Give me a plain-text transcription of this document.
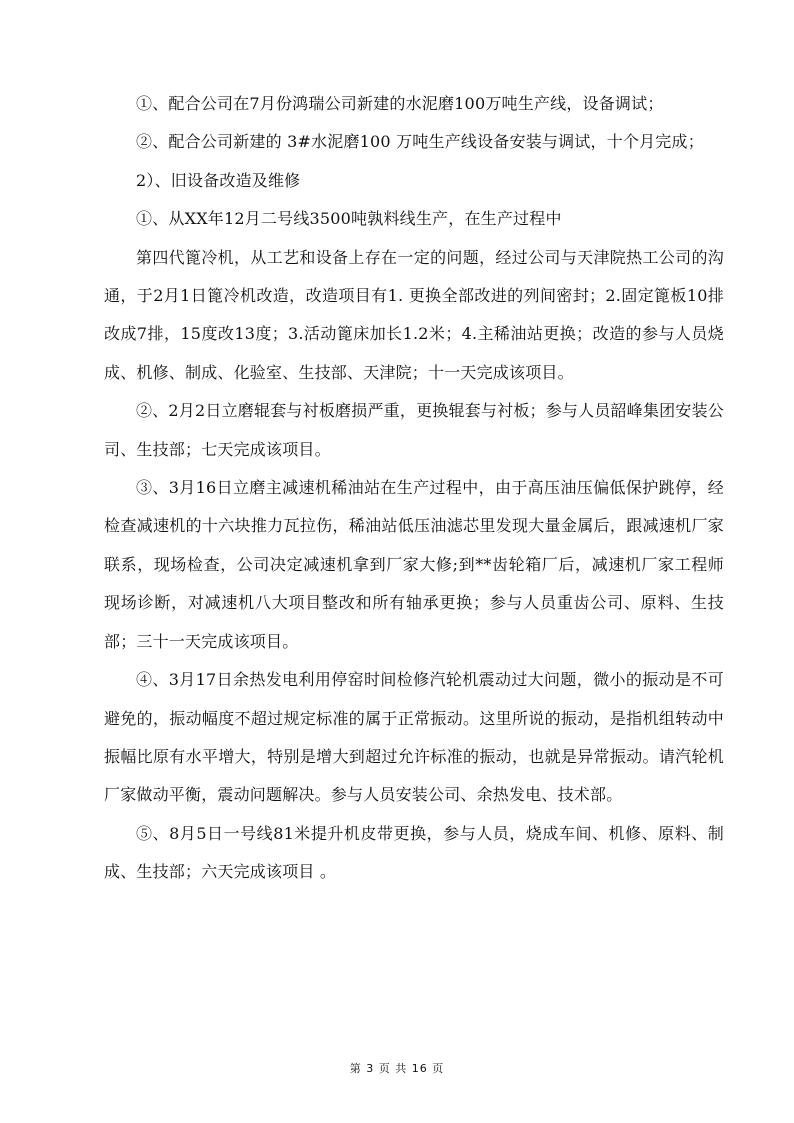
①、配合公司在7月份鸿瑞公司新建的水泥磨100万吨生产线，设备调试；

②、配合公司新建的 3#水泥磨100 万吨生产线设备安装与调试，十个月完成；

2）、旧设备改造及维修

①、从XX年12月二号线3500吨孰料线生产，在生产过程中

第四代篦冷机，从工艺和设备上存在一定的问题，经过公司与天津院热工公司的沟通，于2月1日篦冷机改造，改造项目有1. 更换全部改进的列间密封；2.固定篦板10排改成7排，15度改13度；3.活动篦床加长1.2米；4.主稀油站更换；改造的参与人员烧成、机修、制成、化验室、生技部、天津院；十一天完成该项目。

②、2月2日立磨辊套与衬板磨损严重，更换辊套与衬板；参与人员韶峰集团安装公司、生技部；七天完成该项目。

③、3月16日立磨主减速机稀油站在生产过程中，由于高压油压偏低保护跳停，经检查减速机的十六块推力瓦拉伤，稀油站低压油滤芯里发现大量金属后，跟减速机厂家联系，现场检查，公司决定减速机拿到厂家大修;到**齿轮箱厂后，减速机厂家工程师现场诊断，对减速机八大项目整改和所有轴承更换；参与人员重齿公司、原料、生技部；三十一天完成该项目。

④、3月17日余热发电利用停窑时间检修汽轮机震动过大问题，微小的振动是不可避免的，振动幅度不超过规定标准的属于正常振动。这里所说的振动，是指机组转动中振幅比原有水平增大，特别是增大到超过允许标准的振动，也就是异常振动。请汽轮机厂家做动平衡，震动问题解决。参与人员安装公司、余热发电、技术部。

⑤、8月5日一号线81米提升机皮带更换，参与人员，烧成车间、机修、原料、制成、生技部；六天完成该项目 。

第 3 页 共 16 页
